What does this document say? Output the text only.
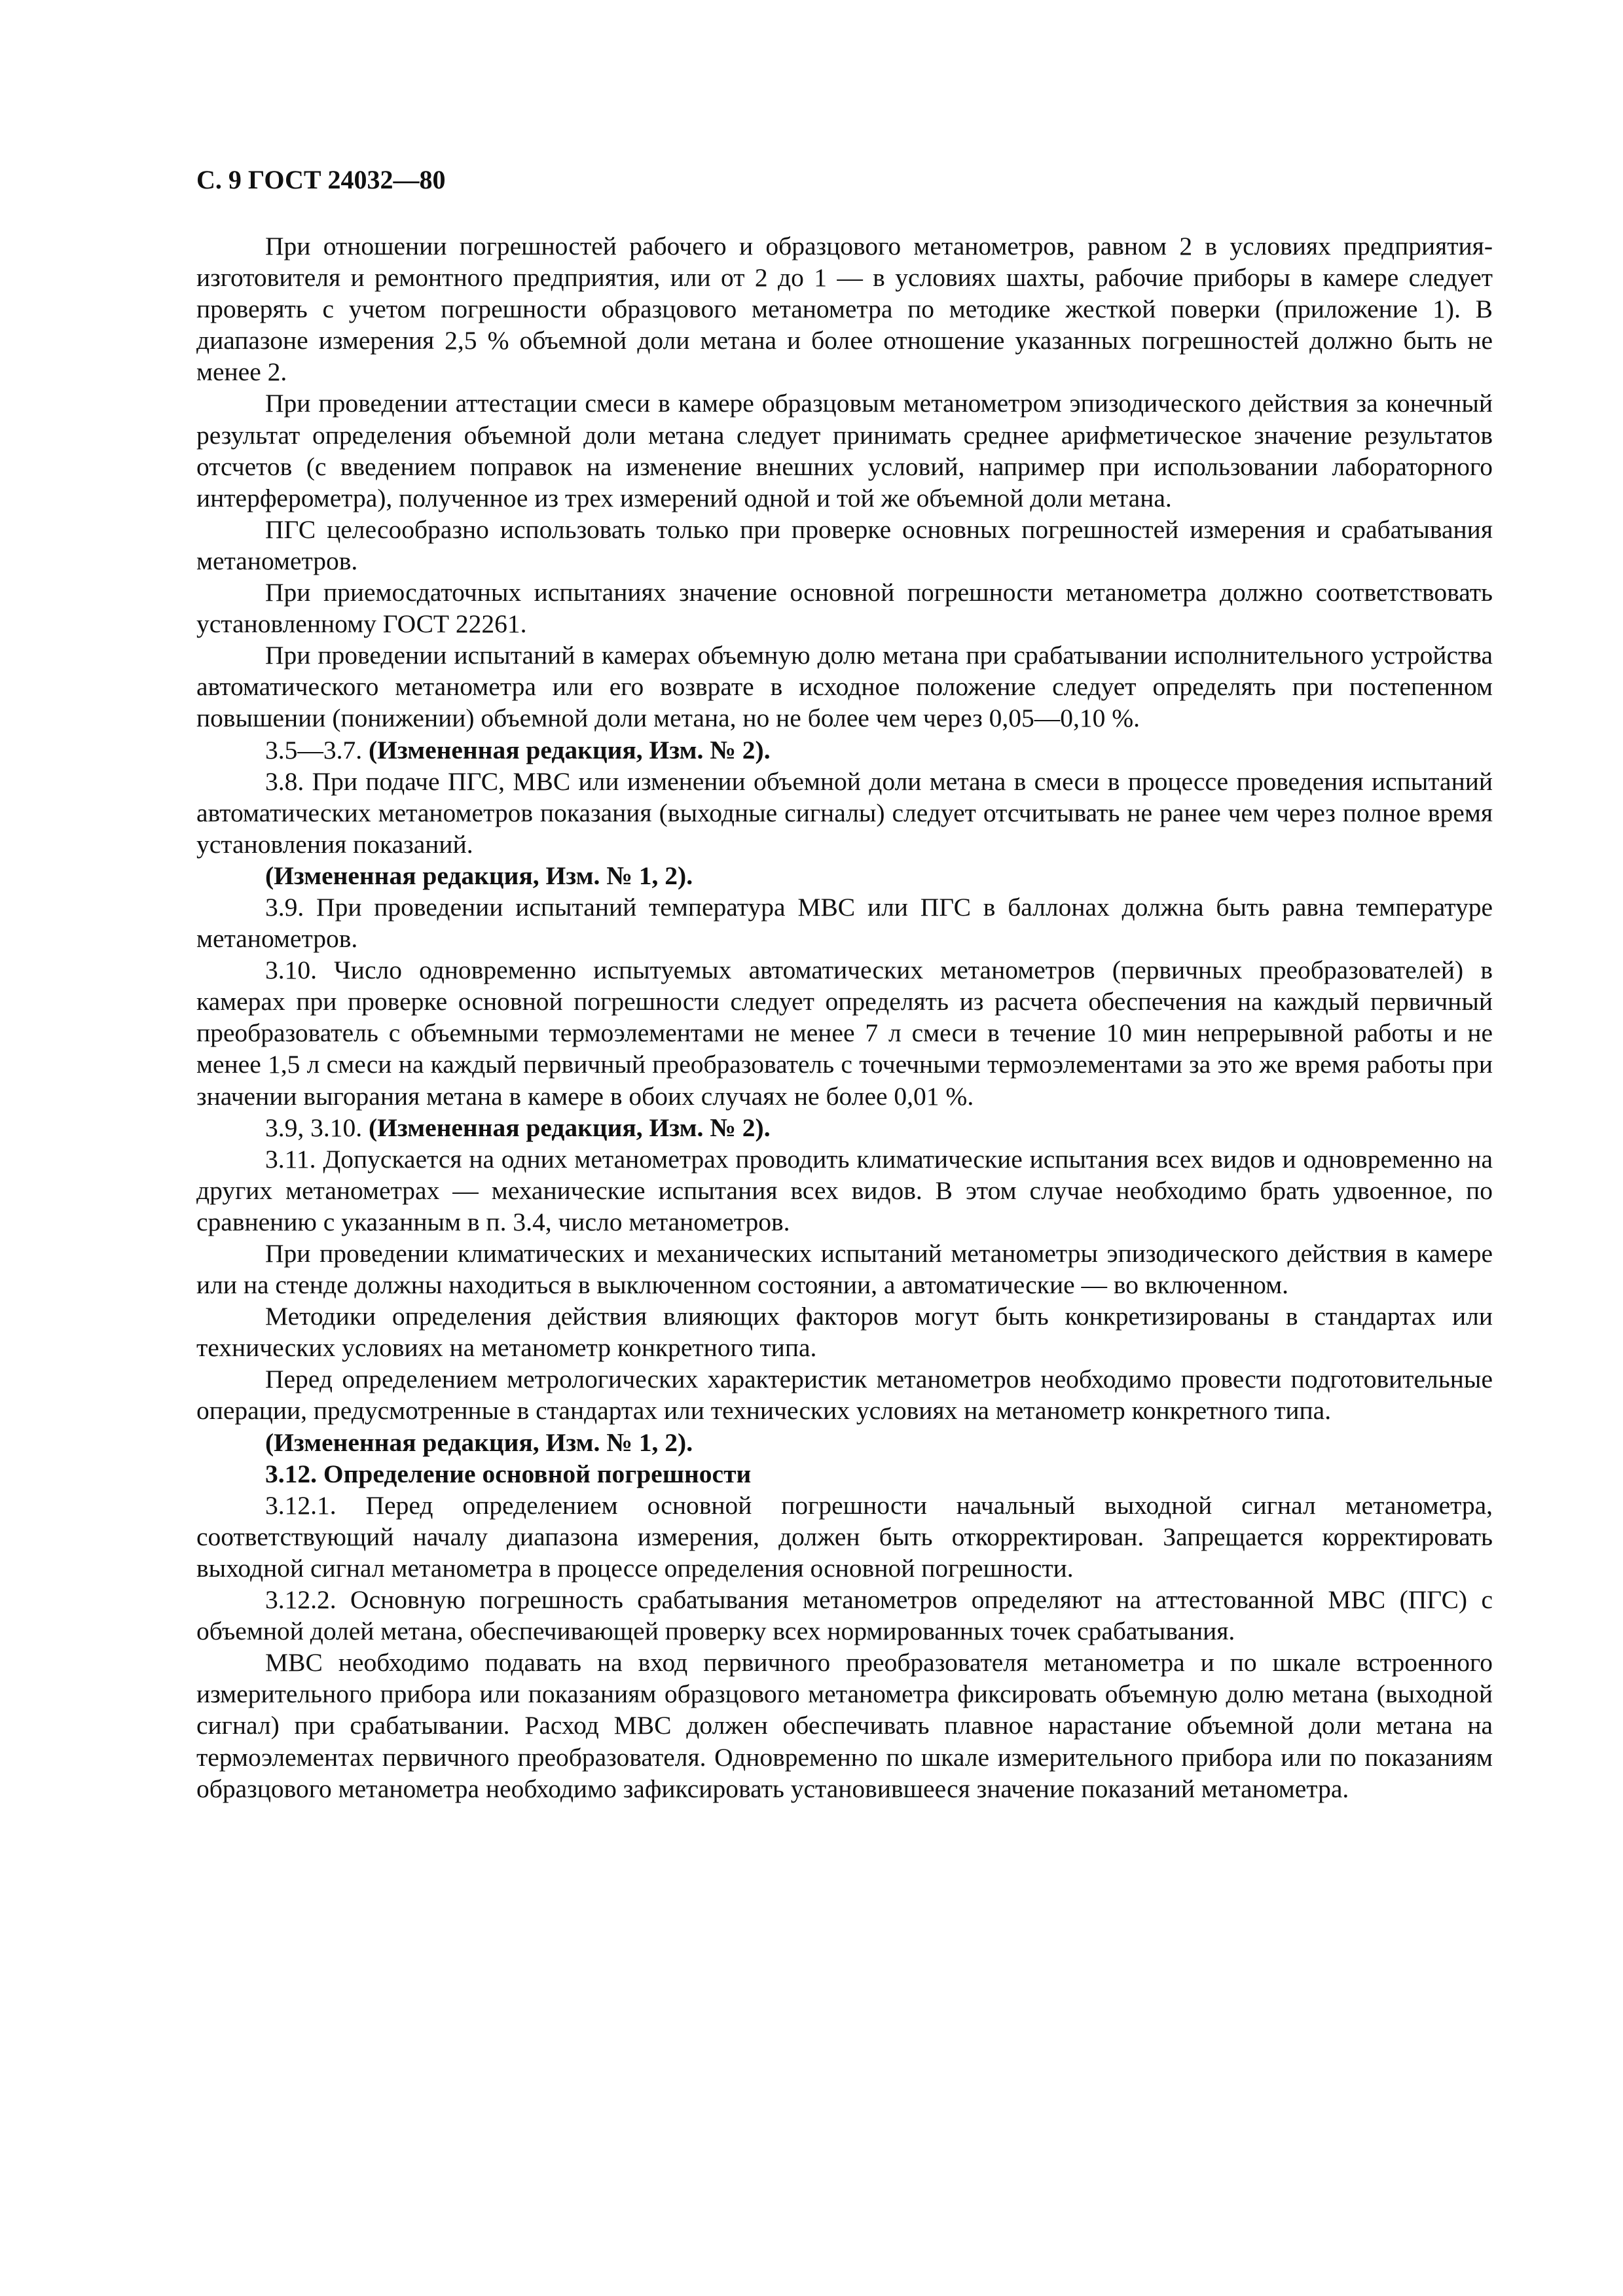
С. 9 ГОСТ 24032—80

При отношении погрешностей рабочего и образцового метанометров, равном 2 в условиях предприятия-изготовителя и ремонтного предприятия, или от 2 до 1 — в условиях шахты, рабочие приборы в камере следует проверять с учетом погрешности образцового метанометра по методике жесткой поверки (приложение 1). В диапазоне измерения 2,5 % объемной доли метана и более отношение указанных погрешностей должно быть не менее 2.

При проведении аттестации смеси в камере образцовым метанометром эпизодического действия за конечный результат определения объемной доли метана следует принимать среднее арифметическое значение результатов отсчетов (с введением поправок на изменение внешних условий, например при использовании лабораторного интерферометра), полученное из трех измерений одной и той же объемной доли метана.

ПГС целесообразно использовать только при проверке основных погрешностей измерения и срабатывания метанометров.

При приемосдаточных испытаниях значение основной погрешности метанометра должно соответствовать установленному ГОСТ 22261.

При проведении испытаний в камерах объемную долю метана при срабатывании исполнительного устройства автоматического метанометра или его возврате в исходное положение следует определять при постепенном повышении (понижении) объемной доли метана, но не более чем через 0,05—0,10 %.

3.5—3.7. (Измененная редакция, Изм. № 2).

3.8. При подаче ПГС, МВС или изменении объемной доли метана в смеси в процессе проведения испытаний автоматических метанометров показания (выходные сигналы) следует отсчитывать не ранее чем через полное время установления показаний.

(Измененная редакция, Изм. № 1, 2).

3.9. При проведении испытаний температура МВС или ПГС в баллонах должна быть равна температуре метанометров.

3.10. Число одновременно испытуемых автоматических метанометров (первичных преобразователей) в камерах при проверке основной погрешности следует определять из расчета обеспечения на каждый первичный преобразователь с объемными термоэлементами не менее 7 л смеси в течение 10 мин непрерывной работы и не менее 1,5 л смеси на каждый первичный преобразователь с точечными термоэлементами за это же время работы при значении выгорания метана в камере в обоих случаях не более 0,01 %.

3.9, 3.10. (Измененная редакция, Изм. № 2).

3.11. Допускается на одних метанометрах проводить климатические испытания всех видов и одновременно на других метанометрах — механические испытания всех видов. В этом случае необходимо брать удвоенное, по сравнению с указанным в п. 3.4, число метанометров.

При проведении климатических и механических испытаний метанометры эпизодического действия в камере или на стенде должны находиться в выключенном состоянии, а автоматические — во включенном.

Методики определения действия влияющих факторов могут быть конкретизированы в стандартах или технических условиях на метанометр конкретного типа.

Перед определением метрологических характеристик метанометров необходимо провести подготовительные операции, предусмотренные в стандартах или технических условиях на метанометр конкретного типа.

(Измененная редакция, Изм. № 1, 2).

3.12. Определение основной погрешности

3.12.1. Перед определением основной погрешности начальный выходной сигнал метанометра, соответствующий началу диапазона измерения, должен быть откорректирован. Запрещается корректировать выходной сигнал метанометра в процессе определения основной погрешности.

3.12.2. Основную погрешность срабатывания метанометров определяют на аттестованной МВС (ПГС) с объемной долей метана, обеспечивающей проверку всех нормированных точек срабатывания.

МВС необходимо подавать на вход первичного преобразователя метанометра и по шкале встроенного измерительного прибора или показаниям образцового метанометра фиксировать объемную долю метана (выходной сигнал) при срабатывании. Расход МВС должен обеспечивать плавное нарастание объемной доли метана на термоэлементах первичного преобразователя. Одновременно по шкале измерительного прибора или по показаниям образцового метанометра необходимо зафиксировать установившееся значение показаний метанометра.
